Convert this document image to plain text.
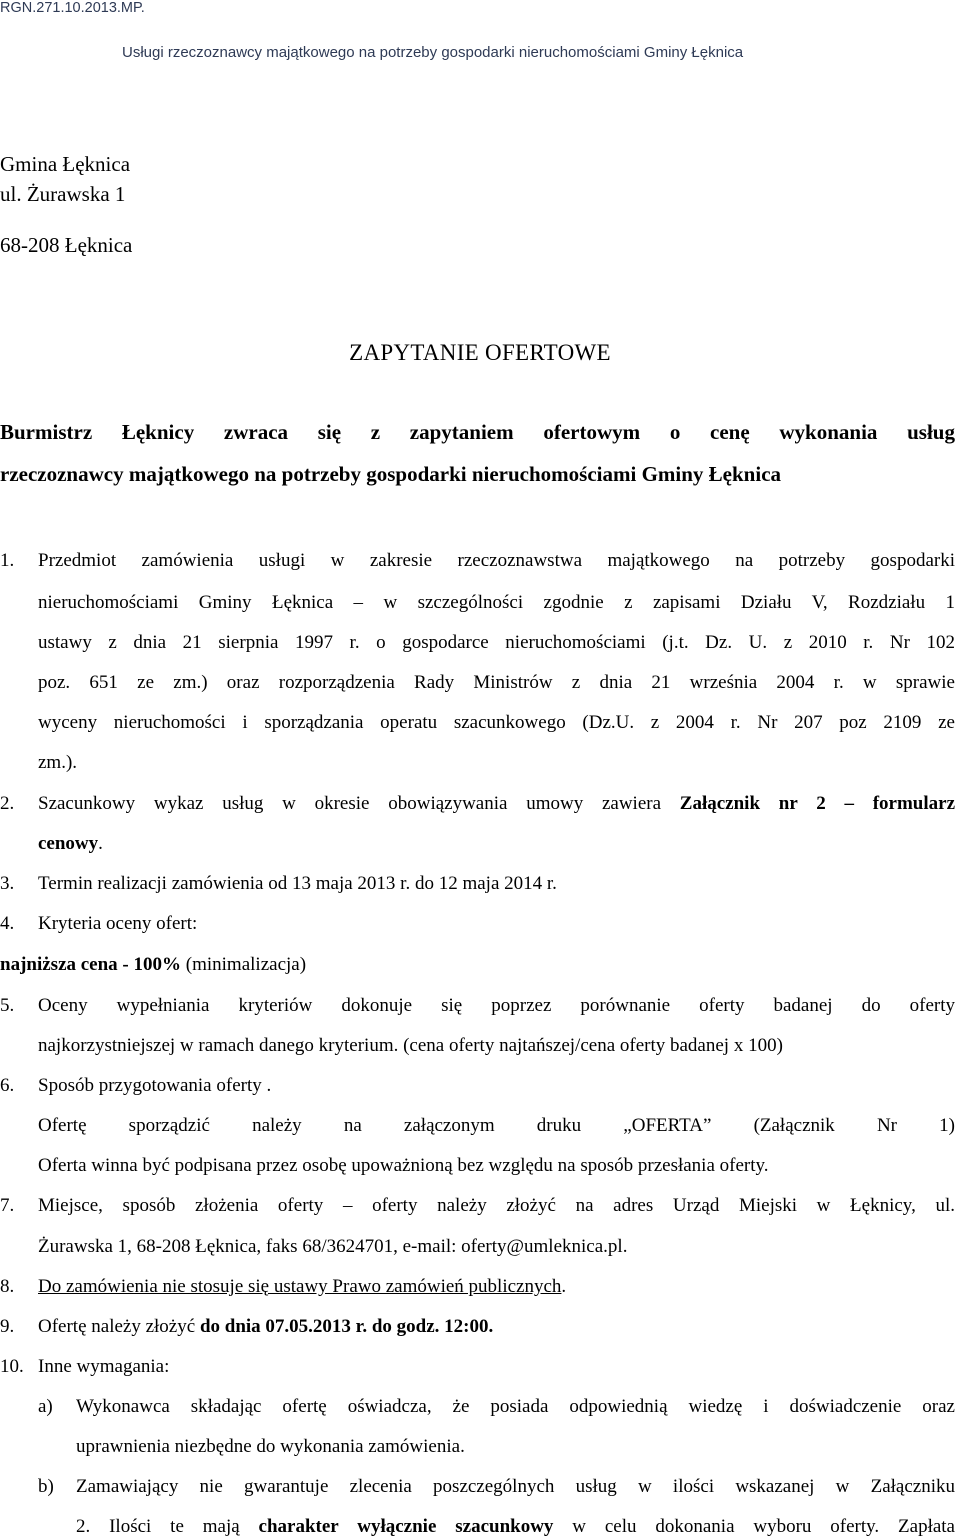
RGN.271.10.2013.MP.
Usługi rzeczoznawcy majątkowego na potrzeby gospodarki nieruchomościami Gminy Łęknica
Gmina Łęknica
ul. Żurawska 1
68-208 Łęknica
ZAPYTANIE OFERTOWE
Burmistrz Łęknicy zwraca się z zapytaniem ofertowym o cenę wykonania usług
rzeczoznawcy majątkowego na potrzeby gospodarki nieruchomościami Gminy Łęknica
1. Przedmiot zamówienia usługi w zakresie rzeczoznawstwa majątkowego na potrzeby gospodarki
nieruchomościami Gminy Łęknica – w szczególności zgodnie z zapisami Działu V, Rozdziału 1
ustawy z dnia 21 sierpnia 1997 r. o gospodarce nieruchomościami (j.t. Dz. U. z 2010 r. Nr 102
poz. 651 ze zm.) oraz rozporządzenia Rady Ministrów z dnia 21 września 2004 r. w sprawie
wyceny nieruchomości i sporządzania operatu szacunkowego (Dz.U. z 2004 r. Nr 207 poz 2109 ze
zm.).
2. Szacunkowy wykaz usług w okresie obowiązywania umowy zawiera Załącznik nr 2 – formularz
cenowy.
3. Termin realizacji zamówienia od 13 maja 2013 r. do 12 maja 2014 r.
4. Kryteria oceny ofert:
najniższa cena - 100% (minimalizacja)
5. Oceny wypełniania kryteriów dokonuje się poprzez porównanie oferty badanej do oferty
najkorzystniejszej w ramach danego kryterium. (cena oferty najtańszej/cena oferty badanej x 100)
6. Sposób przygotowania oferty .
Ofertę sporządzić należy na załączonym druku „OFERTA” (Załącznik Nr 1)
Oferta winna być podpisana przez osobę upoważnioną bez względu na sposób przesłania oferty.
7. Miejsce, sposób złożenia oferty – oferty należy złożyć na adres Urząd Miejski w Łęknicy, ul.
Żurawska 1, 68-208 Łęknica, faks 68/3624701, e-mail: oferty@umleknica.pl.
8. Do zamówienia nie stosuje się ustawy Prawo zamówień publicznych.
9. Ofertę należy złożyć do dnia 07.05.2013 r. do godz. 12:00.
10. Inne wymagania:
a) Wykonawca składając ofertę oświadcza, że posiada odpowiednią wiedzę i doświadczenie oraz
uprawnienia niezbędne do wykonania zamówienia.
b) Zamawiający nie gwarantuje zlecenia poszczególnych usług w ilości wskazanej w Załączniku
2. Ilości te mają charakter wyłącznie szacunkowy w celu dokonania wyboru oferty. Zapłata
